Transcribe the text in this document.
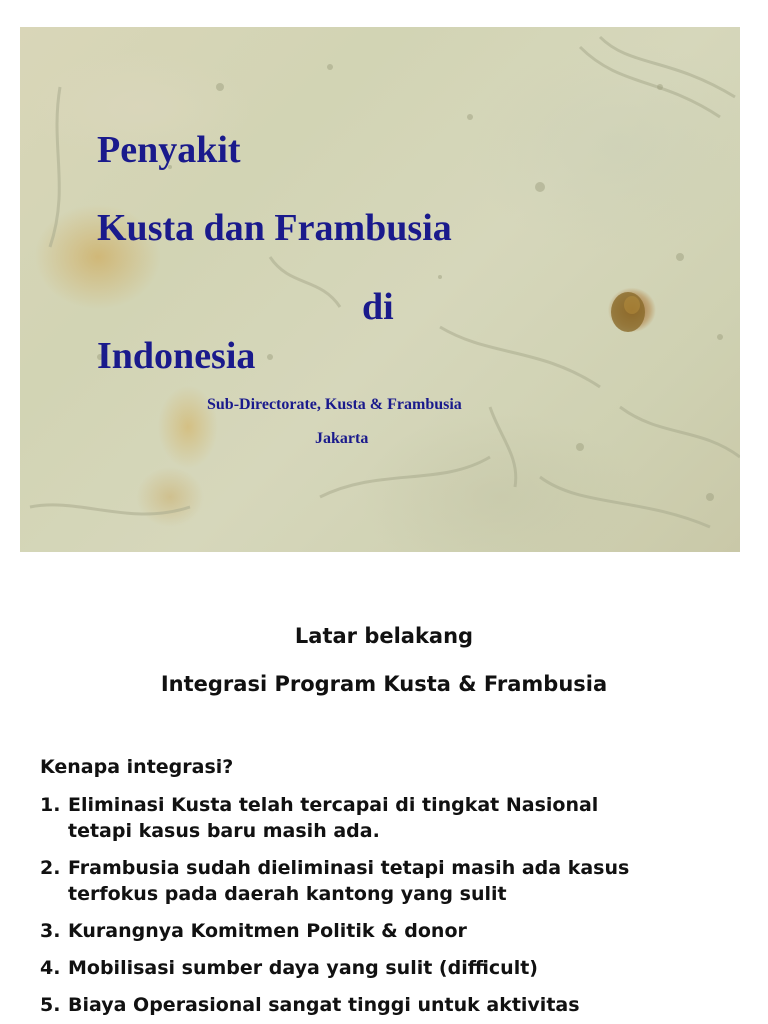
Penyakit
Kusta dan Frambusia
di
Indonesia

Sub-Directorate, Kusta & Frambusia

Jakarta

Latar belakang
Integrasi Program Kusta & Frambusia

Kenapa integrasi?

1. Eliminasi Kusta telah tercapai di tingkat Nasional
tetapi kasus baru masih ada.
2. Frambusia sudah dieliminasi tetapi masih ada kasus
terfokus pada daerah kantong yang sulit
3. Kurangnya Komitmen Politik & donor
4. Mobilisasi sumber daya yang sulit (difficult)
5. Biaya Operasional sangat tinggi untuk aktivitas
